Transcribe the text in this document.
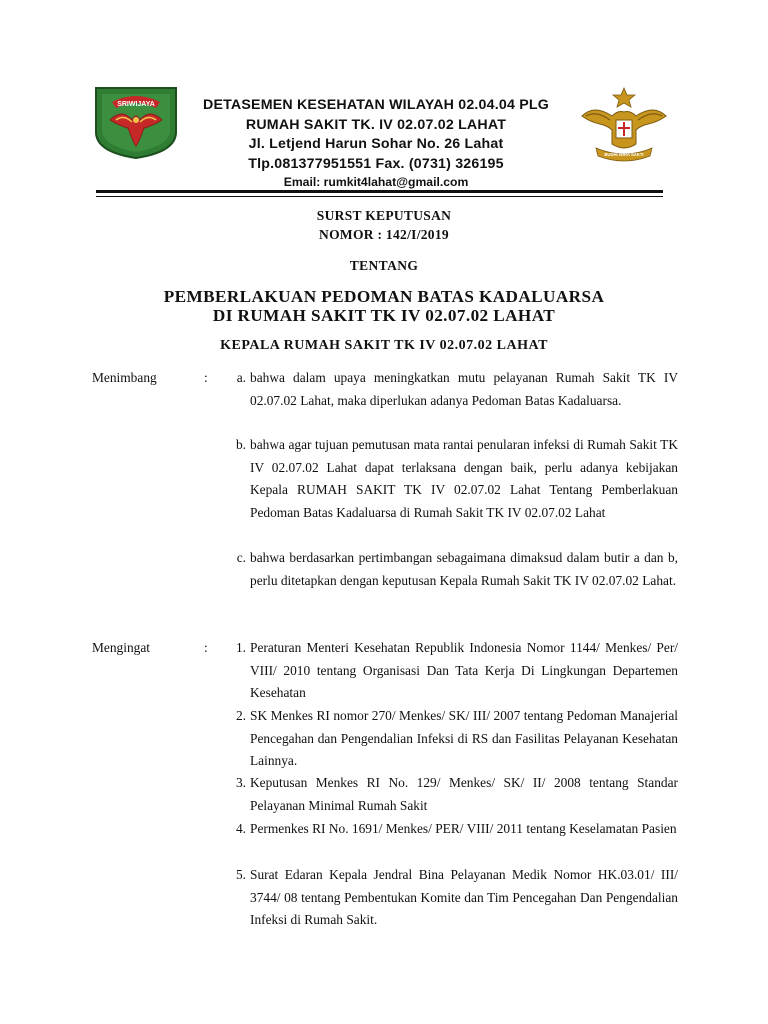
SRIWIJAYA	DETASEMEN KESEHATAN WILAYAH 02.04.04 PLG
RUMAH SAKIT TK. IV 02.07.02 LAHAT
Jl. Letjend Harun Sohar No. 26 Lahat
Tlp.081377951551 Fax. (0731) 326195
Email: rumkit4lahat@gmail.com
BUDHI WIRA SAKTI
SURST KEPUTUSAN
NOMOR : 142/I/2019
TENTANG
PEMBERLAKUAN PEDOMAN BATAS KADALUARSA
DI RUMAH SAKIT TK IV 02.07.02 LAHAT
KEPALA RUMAH SAKIT TK IV 02.07.02 LAHAT
Menimbang	:	a. bahwa dalam upaya meningkatkan mutu pelayanan Rumah Sakit TK IV 02.07.02 Lahat, maka diperlukan adanya Pedoman Batas Kadaluarsa.
b. bahwa agar tujuan pemutusan mata rantai penularan infeksi di Rumah Sakit TK IV 02.07.02 Lahat dapat terlaksana dengan baik, perlu adanya kebijakan Kepala RUMAH SAKIT TK IV 02.07.02 Lahat Tentang Pemberlakuan Pedoman Batas Kadaluarsa di Rumah Sakit TK IV 02.07.02 Lahat
c. bahwa berdasarkan pertimbangan sebagaimana dimaksud dalam butir a dan b, perlu ditetapkan dengan keputusan Kepala Rumah Sakit TK IV 02.07.02 Lahat.
Mengingat	:	1. Peraturan Menteri Kesehatan Republik Indonesia Nomor 1144/ Menkes/ Per/ VIII/ 2010 tentang Organisasi Dan Tata Kerja Di Lingkungan Departemen Kesehatan
2. SK Menkes RI nomor 270/ Menkes/ SK/ III/ 2007 tentang Pedoman Manajerial Pencegahan dan Pengendalian Infeksi di RS dan Fasilitas Pelayanan Kesehatan Lainnya.
3. Keputusan Menkes RI No. 129/ Menkes/ SK/ II/ 2008 tentang Standar Pelayanan Minimal Rumah Sakit
4. Permenkes RI No. 1691/ Menkes/ PER/ VIII/ 2011 tentang Keselamatan Pasien
5. Surat Edaran Kepala Jendral Bina Pelayanan Medik Nomor HK.03.01/ III/ 3744/ 08 tentang Pembentukan Komite dan Tim Pencegahan Dan Pengendalian Infeksi di Rumah Sakit.
